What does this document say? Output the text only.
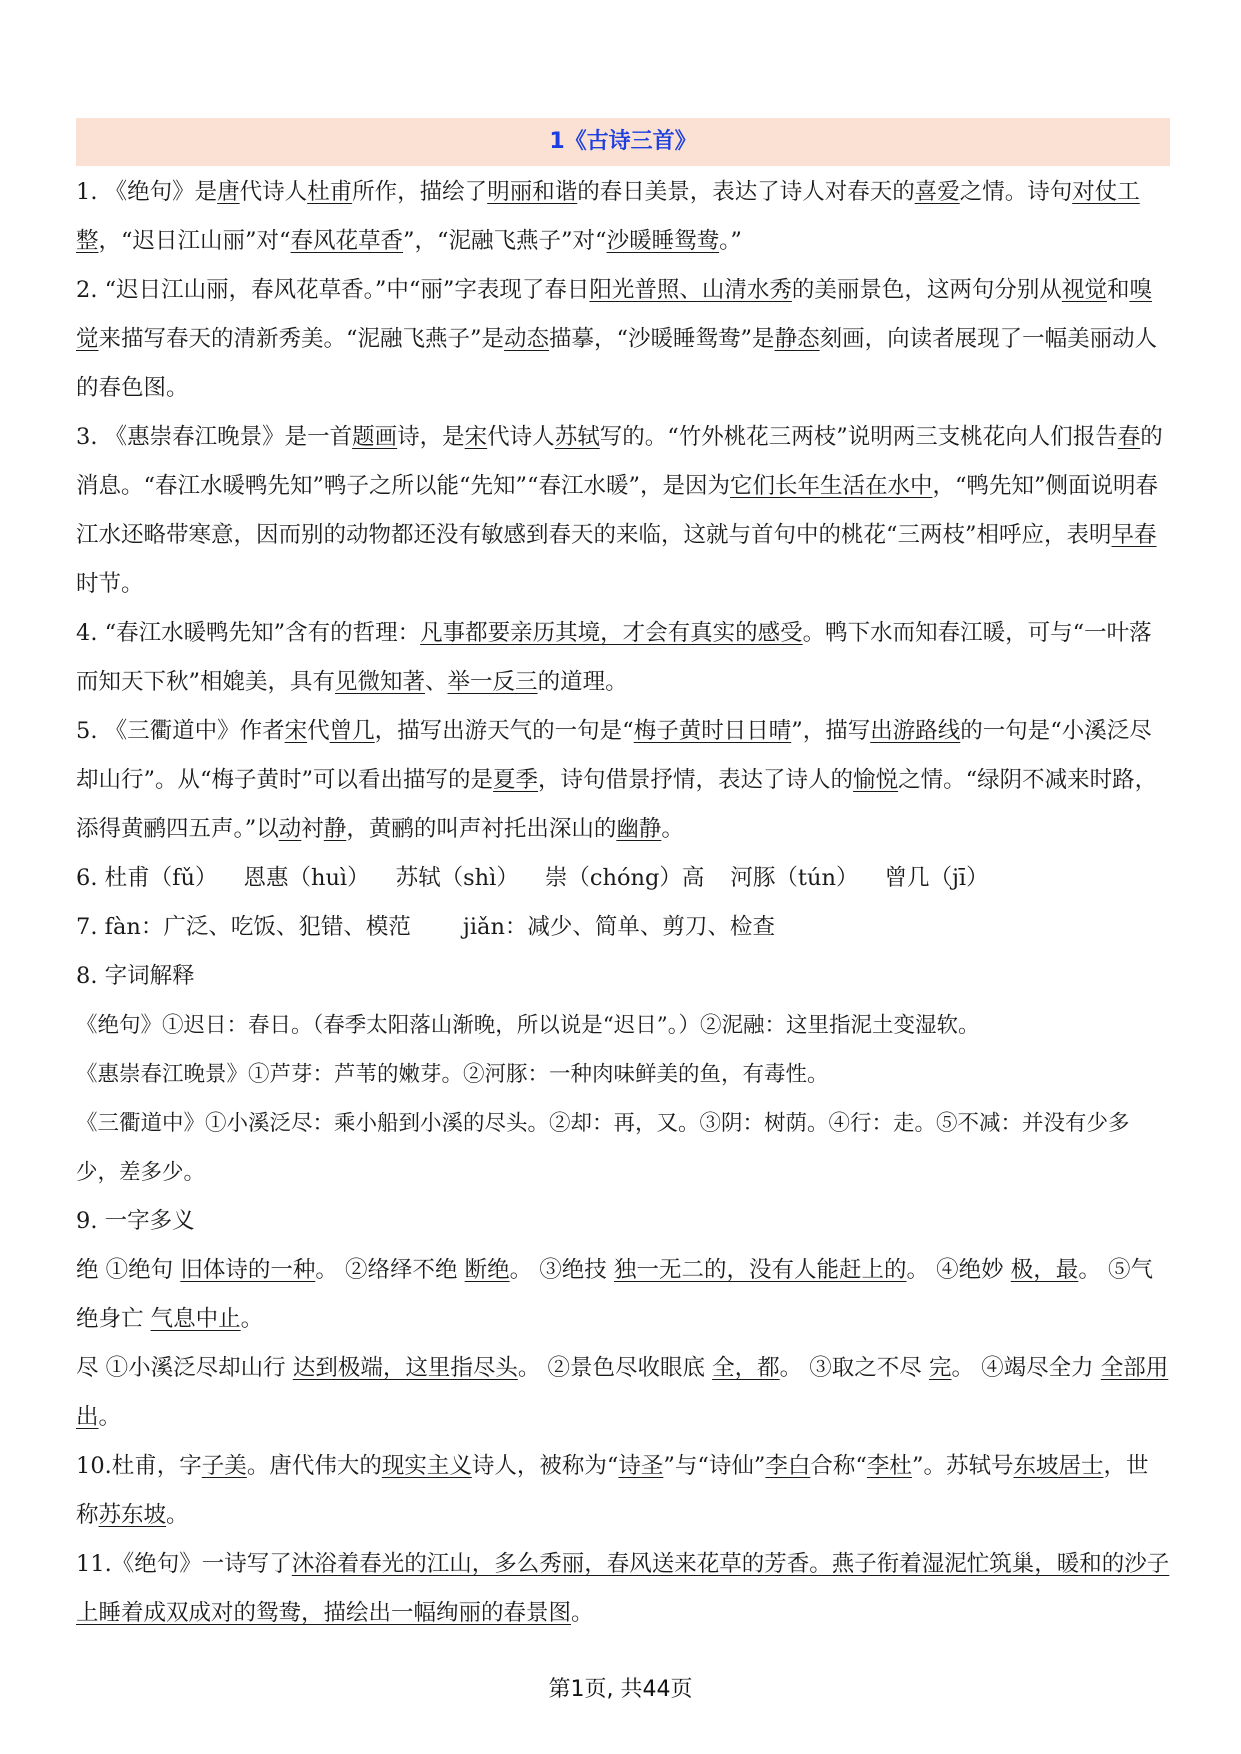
1《古诗三首》
1. 《绝句》是唐代诗人杜甫所作，描绘了明丽和谐的春日美景，表达了诗人对春天的喜爱之情。诗句对仗工整，“迟日江山丽”对“春风花草香”，“泥融飞燕子”对“沙暖睡鸳鸯。”
2. “迟日江山丽，春风花草香。”中“丽”字表现了春日阳光普照、山清水秀的美丽景色，这两句分别从视觉和嗅觉来描写春天的清新秀美。“泥融飞燕子”是动态描摹，“沙暖睡鸳鸯”是静态刻画，向读者展现了一幅美丽动人的春色图。
3. 《惠崇春江晚景》是一首题画诗，是宋代诗人苏轼写的。“竹外桃花三两枝”说明两三支桃花向人们报告春的消息。“春江水暖鸭先知”鸭子之所以能“先知”“春江水暖”，是因为它们长年生活在水中，“鸭先知”侧面说明春江水还略带寒意，因而别的动物都还没有敏感到春天的来临，这就与首句中的桃花“三两枝”相呼应，表明早春时节。
4. “春江水暖鸭先知”含有的哲理：凡事都要亲历其境，才会有真实的感受。鸭下水而知春江暖，可与“一叶落而知天下秋”相媲美，具有见微知著、举一反三的道理。
5. 《三衢道中》作者宋代曾几，描写出游天气的一句是“梅子黄时日日晴”，描写出游路线的一句是“小溪泛尽却山行”。从“梅子黄时”可以看出描写的是夏季，诗句借景抒情，表达了诗人的愉悦之情。“绿阴不减来时路，添得黄鹂四五声。”以动衬静，黄鹂的叫声衬托出深山的幽静。
6. 杜甫（fǔ） 恩惠（huì） 苏轼（shì） 崇（chóng）高 河豚（tún） 曾几（jī）
7. fàn：广泛、吃饭、犯错、模范 jiǎn：减少、简单、剪刀、检查
8. 字词解释
《绝句》①迟日：春日。（春季太阳落山渐晚，所以说是“迟日”。）②泥融：这里指泥土变湿软。
《惠崇春江晚景》①芦芽：芦苇的嫩芽。②河豚：一种肉味鲜美的鱼，有毒性。
《三衢道中》①小溪泛尽：乘小船到小溪的尽头。②却：再，又。③阴：树荫。④行：走。⑤不减：并没有少多少，差多少。
9. 一字多义
绝 ①绝句 旧体诗的一种。 ②络绎不绝 断绝。 ③绝技 独一无二的，没有人能赶上的。 ④绝妙 极，最。 ⑤气绝身亡 气息中止。
尽 ①小溪泛尽却山行 达到极端，这里指尽头。 ②景色尽收眼底 全，都。 ③取之不尽 完。 ④竭尽全力 全部用出。
10.杜甫，字子美。唐代伟大的现实主义诗人，被称为“诗圣”与“诗仙”李白合称“李杜”。苏轼号东坡居士，世称苏东坡。
11.《绝句》一诗写了沐浴着春光的江山，多么秀丽，春风送来花草的芳香。燕子衔着湿泥忙筑巢，暖和的沙子上睡着成双成对的鸳鸯，描绘出一幅绚丽的春景图。
第1页, 共44页
